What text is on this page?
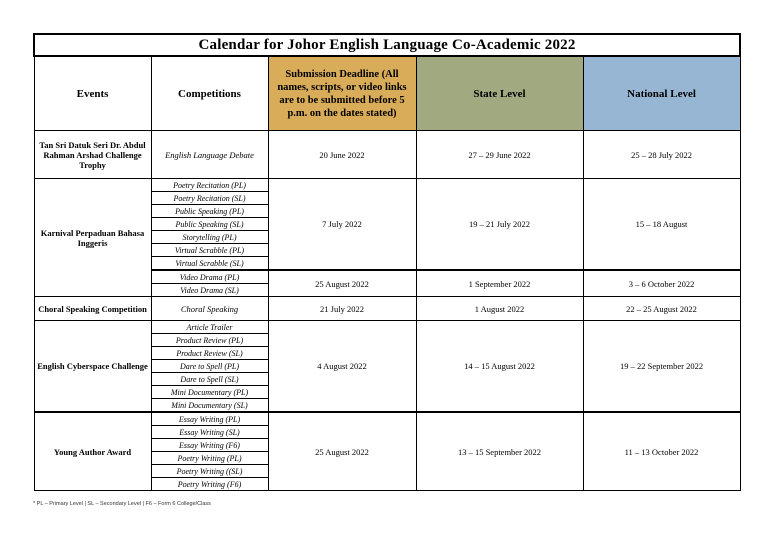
Calendar for Johor English Language Co-Academic 2022				
Events	Competitions	Submission Deadline (All names, scripts, or video links are to be submitted before 5 p.m. on the dates stated)	State Level	National Level
Tan Sri Datuk Seri Dr. Abdul Rahman Arshad Challenge Trophy	English Language Debate	20 June 2022	27 – 29 June 2022	25 – 28 July 2022
Karnival Perpaduan Bahasa Inggeris	Poetry Recitation (PL)	7 July 2022	19 – 21 July 2022	15 – 18 August
	Poetry Recitation (SL)			
	Public Speaking (PL)			
	Public Speaking (SL)			
	Storytelling (PL)			
	Virtual Scrabble (PL)			
	Virtual Scrabble (SL)			
	Video Drama (PL)	25 August 2022	1 September 2022	3 – 6 October 2022
	Video Drama (SL)			
Choral Speaking Competition	Choral Speaking	21 July 2022	1 August 2022	22 – 25 August 2022
English Cyberspace Challenge	Article Trailer	4 August 2022	14 – 15 August 2022	19 – 22 September 2022
	Product Review (PL)			
	Product Review (SL)			
	Dare to Spell (PL)			
	Dare to Spell (SL)			
	Mini Documentary (PL)			
	Mini Documentary (SL)			
Young Author Award	Essay Writing (PL)	25 August 2022	13 – 15 September 2022	11 – 13 October 2022
	Essay Writing (SL)			
	Essay Writing (F6)			
	Poetry Writing (PL)			
	Poetry Writing ((SL)			
	Poetry Writing (F6)			
* PL – Primary Level | SL – Secondary Level | F6 – Form 6 College/Class
